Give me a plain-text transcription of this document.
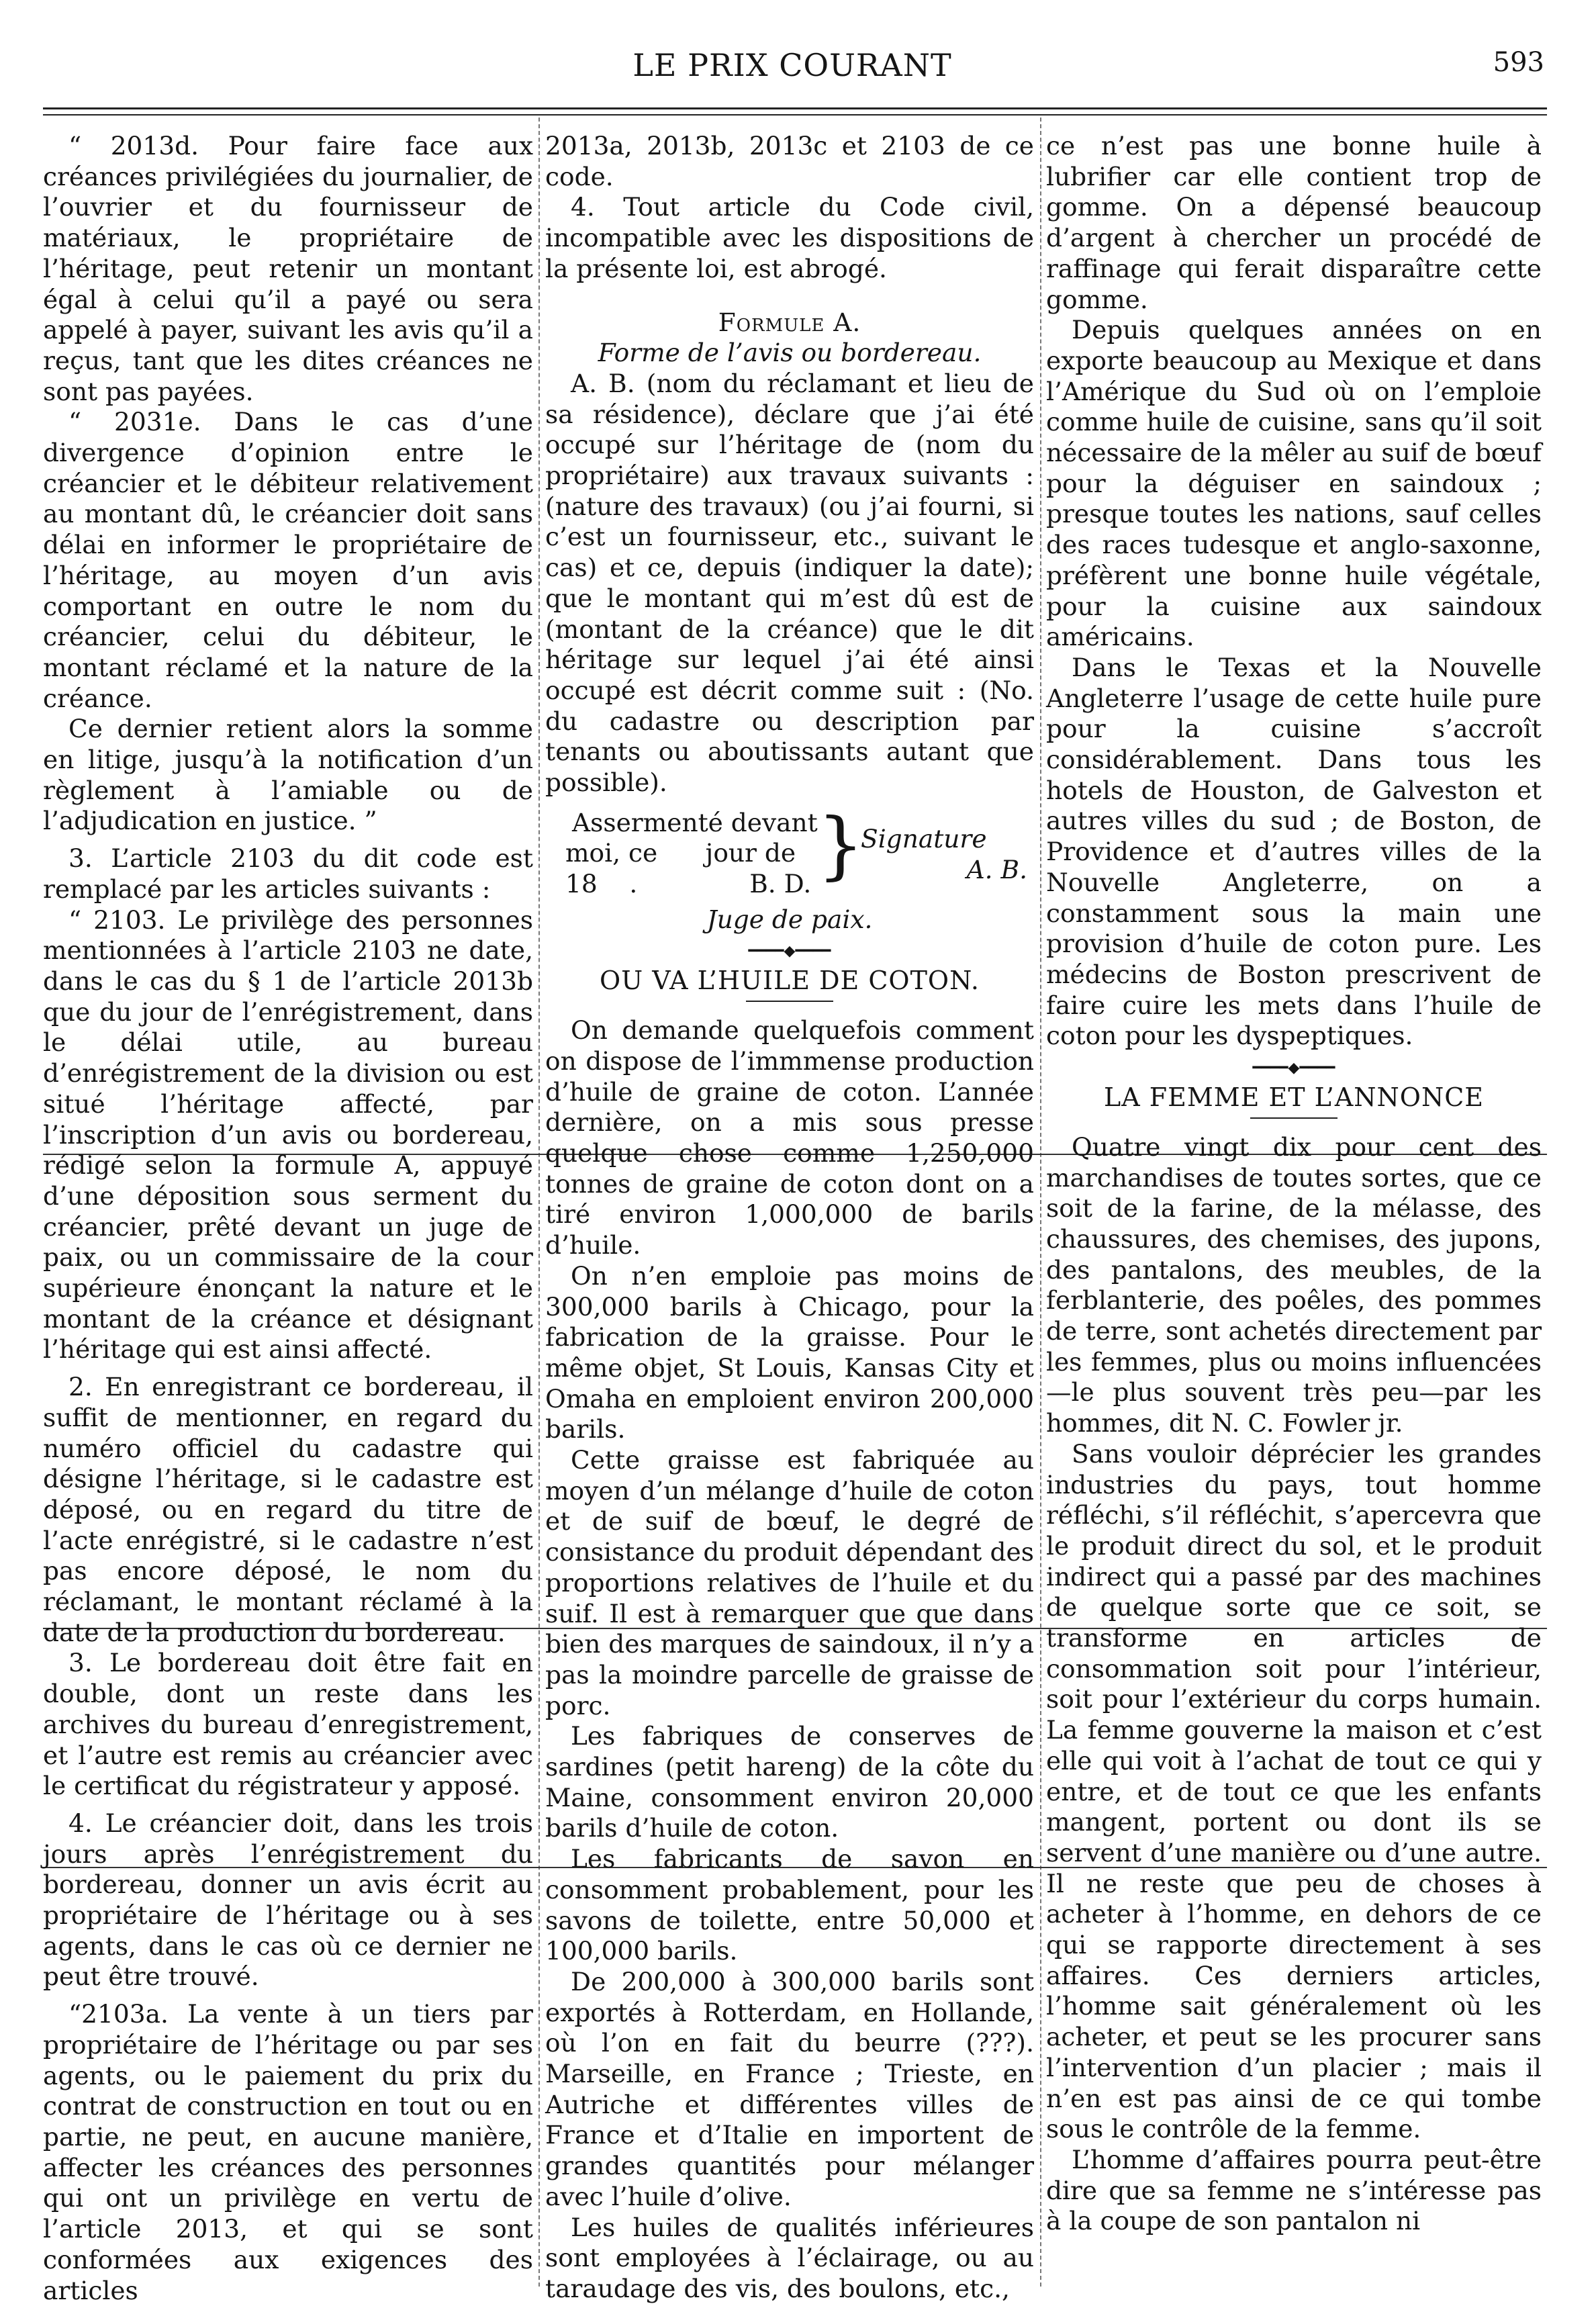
LE PRIX COURANT	593

“ 2013d. Pour faire face aux créances privilégiées du journalier, de l’ouvrier et du fournisseur de matériaux, le propriétaire de l’héritage, peut retenir un montant égal à celui qu’il a payé ou sera appelé à payer, suivant les avis qu’il a reçus, tant que les dites créances ne sont pas payées.

“ 2031e. Dans le cas d’une divergence d’opinion entre le créancier et le débiteur relativement au montant dû, le créancier doit sans délai en informer le propriétaire de l’héritage, au moyen d’un avis comportant en outre le nom du créancier, celui du débiteur, le montant réclamé et la nature de la créance.

Ce dernier retient alors la somme en litige, jusqu’à la notification d’un règlement à l’amiable ou de l’adjudication en justice. ”

3. L’article 2103 du dit code est remplacé par les articles suivants :

“ 2103. Le privilège des personnes mentionnées à l’article 2103 ne date, dans le cas du § 1 de l’article 2013b que du jour de l’enrégistrement, dans le délai utile, au bureau d’enrégistrement de la division ou est situé l’héritage affecté, par l’inscription d’un avis ou bordereau, rédigé selon la formule A, appuyé d’une déposition sous serment du créancier, prêté devant un juge de paix, ou un commissaire de la cour supérieure énonçant la nature et le montant de la créance et désignant l’héritage qui est ainsi affecté.

2. En enregistrant ce bordereau, il suffit de mentionner, en regard du numéro officiel du cadastre qui désigne l’héritage, si le cadastre est déposé, ou en regard du titre de l’acte enrégistré, si le cadastre n’est pas encore déposé, le nom du réclamant, le montant réclamé à la date de la production du bordereau.

3. Le bordereau doit être fait en double, dont un reste dans les archives du bureau d’enregistrement, et l’autre est remis au créancier avec le certificat du régistrateur y apposé.

4. Le créancier doit, dans les trois jours après l’enrégistrement du bordereau, donner un avis écrit au propriétaire de l’héritage ou à ses agents, dans le cas où ce dernier ne peut être trouvé.

“2103a. La vente à un tiers par propriétaire de l’héritage ou par ses agents, ou le paiement du prix du contrat de construction en tout ou en partie, ne peut, en aucune manière, affecter les créances des personnes qui ont un privilège en vertu de l’article 2013, et qui se sont conformées aux exigences des articles

2013a, 2013b, 2013c et 2103 de ce code.

4. Tout article du Code civil, incompatible avec les dispositions de la présente loi, est abrogé.

Formule A.

Forme de l’avis ou bordereau.

A. B. (nom du réclamant et lieu de sa résidence), déclare que j’ai été occupé sur l’héritage de (nom du propriétaire) aux travaux suivants : (nature des travaux) (ou j’ai fourni, si c’est un fournisseur, etc., suivant le cas) et ce, depuis (indiquer la date); que le montant qui m’est dû est de (montant de la créance) que le dit héritage sur lequel j’ai été ainsi occupé est décrit comme suit : (No. du cadastre ou description par tenants ou aboutissants autant que possible).

Assermenté devant
moi, ce      jour de
18    .              B. D. }
Signature
A. B.

Juge de paix.

━━━━◆━━━━

OU VA L’HUILE DE COTON.

On demande quelquefois comment on dispose de l’immmense production d’huile de graine de coton. L’année dernière, on a mis sous presse quelque chose comme 1,250,000 tonnes de graine de coton dont on a tiré environ 1,000,000 de barils d’huile.

On n’en emploie pas moins de 300,000 barils à Chicago, pour la fabrication de la graisse. Pour le même objet, St Louis, Kansas City et Omaha en emploient environ 200,000 barils.

Cette graisse est fabriquée au moyen d’un mélange d’huile de coton et de suif de bœuf, le degré de consistance du produit dépendant des proportions relatives de l’huile et du suif. Il est à remarquer que que dans bien des marques de saindoux, il n’y a pas la moindre parcelle de graisse de porc.

Les fabriques de conserves de sardines (petit hareng) de la côte du Maine, consomment environ 20,000 barils d’huile de coton.

Les fabricants de savon en consomment probablement, pour les savons de toilette, entre 50,000 et 100,000 barils.

De 200,000 à 300,000 barils sont exportés à Rotterdam, en Hollande, où l’on en fait du beurre (???). Marseille, en France ; Trieste, en Autriche et différentes villes de France et d’Italie en importent de grandes quantités pour mélanger avec l’huile d’olive.

Les huiles de qualités inférieures sont employées à l’éclairage, ou au taraudage des vis, des boulons, etc.,

ce n’est pas une bonne huile à lubrifier car elle contient trop de gomme. On a dépensé beaucoup d’argent à chercher un procédé de raffinage qui ferait disparaître cette gomme.

Depuis quelques années on en exporte beaucoup au Mexique et dans l’Amérique du Sud où on l’emploie comme huile de cuisine, sans qu’il soit nécessaire de la mêler au suif de bœuf pour la déguiser en saindoux ; presque toutes les nations, sauf celles des races tudesque et anglo-saxonne, préfèrent une bonne huile végétale, pour la cuisine aux saindoux américains.

Dans le Texas et la Nouvelle Angleterre l’usage de cette huile pure pour la cuisine s’accroît considérablement. Dans tous les hotels de Houston, de Galveston et autres villes du sud ; de Boston, de Providence et d’autres villes de la Nouvelle Angleterre, on a constamment sous la main une provision d’huile de coton pure. Les médecins de Boston prescrivent de faire cuire les mets dans l’huile de coton pour les dyspeptiques.

━━━━◆━━━━

LA FEMME ET L’ANNONCE

Quatre vingt dix pour cent des marchandises de toutes sortes, que ce soit de la farine, de la mélasse, des chaussures, des chemises, des jupons, des pantalons, des meubles, de la ferblanterie, des poêles, des pommes de terre, sont achetés directement par les femmes, plus ou moins influencées—le plus souvent très peu—par les hommes, dit N. C. Fowler jr.

Sans vouloir déprécier les grandes industries du pays, tout homme réfléchi, s’il réfléchit, s’apercevra que le produit direct du sol, et le produit indirect qui a passé par des machines de quelque sorte que ce soit, se transforme en articles de consommation soit pour l’intérieur, soit pour l’extérieur du corps humain. La femme gouverne la maison et c’est elle qui voit à l’achat de tout ce qui y entre, et de tout ce que les enfants mangent, portent ou dont ils se servent d’une manière ou d’une autre. Il ne reste que peu de choses à acheter à l’homme, en dehors de ce qui se rapporte directement à ses affaires. Ces derniers articles, l’homme sait généralement où les acheter, et peut se les procurer sans l’intervention d’un placier ; mais il n’en est pas ainsi de ce qui tombe sous le contrôle de la femme.

L’homme d’affaires pourra peut-être dire que sa femme ne s’intéresse pas à la coupe de son pantalon ni
